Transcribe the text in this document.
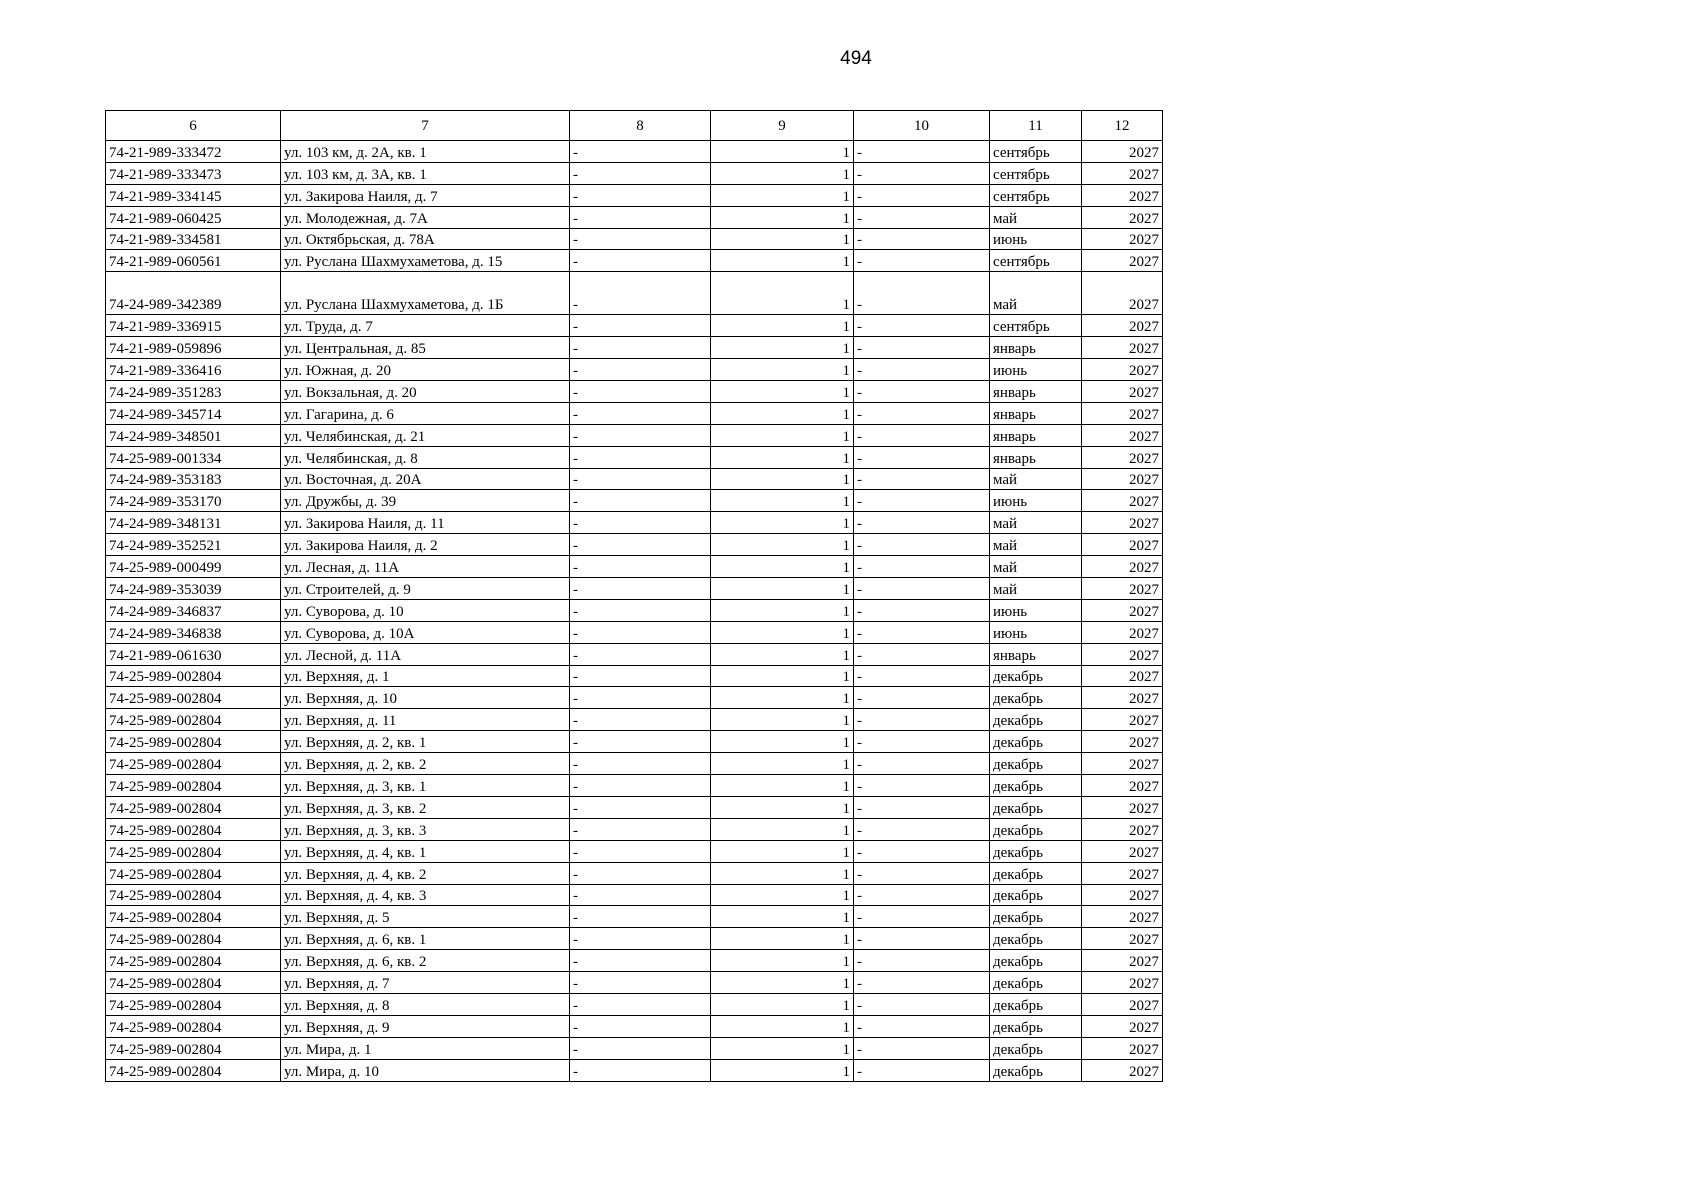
494
6	7	8	9	10	11	12
74-21-989-333472	ул. 103 км, д. 2А, кв. 1	-	1	-	сентябрь	2027
74-21-989-333473	ул. 103 км, д. 3А, кв. 1	-	1	-	сентябрь	2027
74-21-989-334145	ул. Закирова Наиля, д. 7	-	1	-	сентябрь	2027
74-21-989-060425	ул. Молодежная, д. 7А	-	1	-	май	2027
74-21-989-334581	ул. Октябрьская, д. 78А	-	1	-	июнь	2027
74-21-989-060561	ул. Руслана Шахмухаметова, д. 15	-	1	-	сентябрь	2027
74-24-989-342389	ул. Руслана Шахмухаметова, д. 1Б	-	1	-	май	2027
74-21-989-336915	ул. Труда, д. 7	-	1	-	сентябрь	2027
74-21-989-059896	ул. Центральная, д. 85	-	1	-	январь	2027
74-21-989-336416	ул. Южная, д. 20	-	1	-	июнь	2027
74-24-989-351283	ул. Вокзальная, д. 20	-	1	-	январь	2027
74-24-989-345714	ул. Гагарина, д. 6	-	1	-	январь	2027
74-24-989-348501	ул. Челябинская, д. 21	-	1	-	январь	2027
74-25-989-001334	ул. Челябинская, д. 8	-	1	-	январь	2027
74-24-989-353183	ул. Восточная, д. 20А	-	1	-	май	2027
74-24-989-353170	ул. Дружбы, д. 39	-	1	-	июнь	2027
74-24-989-348131	ул. Закирова Наиля, д. 11	-	1	-	май	2027
74-24-989-352521	ул. Закирова Наиля, д. 2	-	1	-	май	2027
74-25-989-000499	ул. Лесная, д. 11А	-	1	-	май	2027
74-24-989-353039	ул. Строителей, д. 9	-	1	-	май	2027
74-24-989-346837	ул. Суворова, д. 10	-	1	-	июнь	2027
74-24-989-346838	ул. Суворова, д. 10А	-	1	-	июнь	2027
74-21-989-061630	ул. Лесной, д. 11А	-	1	-	январь	2027
74-25-989-002804	ул. Верхняя, д. 1	-	1	-	декабрь	2027
74-25-989-002804	ул. Верхняя, д. 10	-	1	-	декабрь	2027
74-25-989-002804	ул. Верхняя, д. 11	-	1	-	декабрь	2027
74-25-989-002804	ул. Верхняя, д. 2, кв. 1	-	1	-	декабрь	2027
74-25-989-002804	ул. Верхняя, д. 2, кв. 2	-	1	-	декабрь	2027
74-25-989-002804	ул. Верхняя, д. 3, кв. 1	-	1	-	декабрь	2027
74-25-989-002804	ул. Верхняя, д. 3, кв. 2	-	1	-	декабрь	2027
74-25-989-002804	ул. Верхняя, д. 3, кв. 3	-	1	-	декабрь	2027
74-25-989-002804	ул. Верхняя, д. 4, кв. 1	-	1	-	декабрь	2027
74-25-989-002804	ул. Верхняя, д. 4, кв. 2	-	1	-	декабрь	2027
74-25-989-002804	ул. Верхняя, д. 4, кв. 3	-	1	-	декабрь	2027
74-25-989-002804	ул. Верхняя, д. 5	-	1	-	декабрь	2027
74-25-989-002804	ул. Верхняя, д. 6, кв. 1	-	1	-	декабрь	2027
74-25-989-002804	ул. Верхняя, д. 6, кв. 2	-	1	-	декабрь	2027
74-25-989-002804	ул. Верхняя, д. 7	-	1	-	декабрь	2027
74-25-989-002804	ул. Верхняя, д. 8	-	1	-	декабрь	2027
74-25-989-002804	ул. Верхняя, д. 9	-	1	-	декабрь	2027
74-25-989-002804	ул. Мира, д. 1	-	1	-	декабрь	2027
74-25-989-002804	ул. Мира, д. 10	-	1	-	декабрь	2027
